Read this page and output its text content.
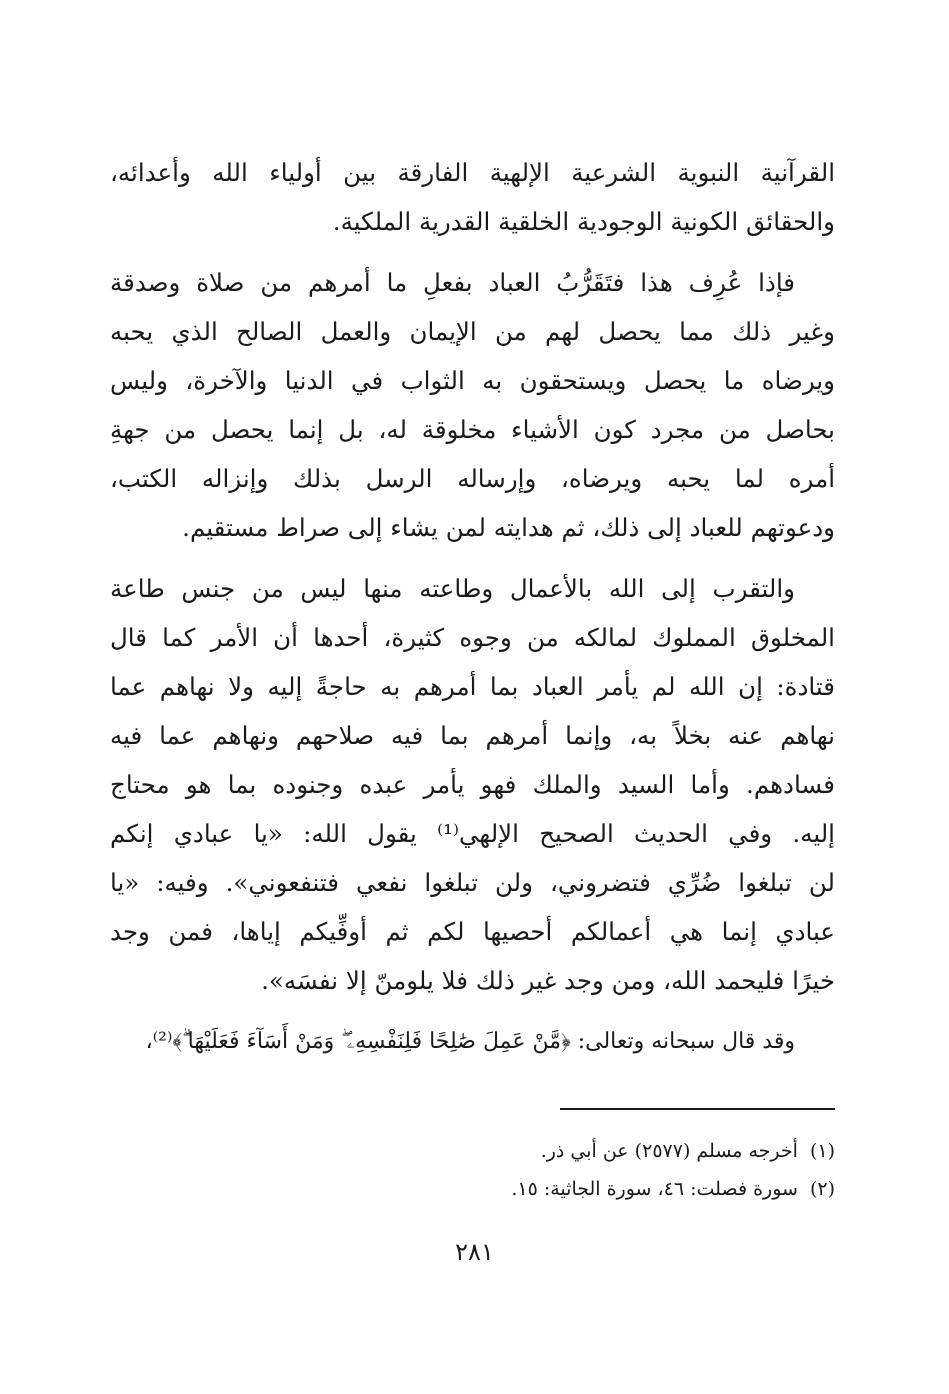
القرآنية النبوية الشرعية الإلهية الفارقة بين أولياء الله وأعدائه،
والحقائق الكونية الوجودية الخلقية القدرية الملكية.
فإذا عُرِف هذا فتَقَرُّبُ العباد بفعلِ ما أمرهم من صلاة وصدقة
وغير ذلك مما يحصل لهم من الإيمان والعمل الصالح الذي يحبه
ويرضاه ما يحصل ويستحقون به الثواب في الدنيا والآخرة، وليس
بحاصل من مجرد كون الأشياء مخلوقة له، بل إنما يحصل من جهةِ
أمره لما يحبه ويرضاه، وإرساله الرسل بذلك وإنزاله الكتب،
ودعوتهم للعباد إلى ذلك، ثم هدايته لمن يشاء إلى صراط مستقيم.
والتقرب إلى الله بالأعمال وطاعته منها ليس من جنس طاعة
المخلوق المملوك لمالكه من وجوه كثيرة، أحدها أن الأمر كما قال
قتادة: إن الله لم يأمر العباد بما أمرهم به حاجةً إليه ولا نهاهم عما
نهاهم عنه بخلاً به، وإنما أمرهم بما فيه صلاحهم ونهاهم عما فيه
فسادهم. وأما السيد والملك فهو يأمر عبده وجنوده بما هو محتاج
إليه. وفي الحديث الصحيح الإلهي⁽¹⁾ يقول الله: «يا عبادي إنكم
لن تبلغوا ضُرِّي فتضروني، ولن تبلغوا نفعي فتنفعوني». وفيه: «يا
عبادي إنما هي أعمالكم أحصيها لكم ثم أوفِّيكم إياها، فمن وجد
خيرًا فليحمد الله، ومن وجد غير ذلك فلا يلومنّ إلا نفسَه».
وقد قال سبحانه وتعالى: ﴿مَّنْ عَمِلَ صَٰلِحًا فَلِنَفْسِهِۦ ۖ وَمَنْ أَسَآءَ فَعَلَيْهَا ۗ﴾⁽²⁾،
(١)أخرجه مسلم (٢٥٧٧) عن أبي ذر.
(٢)سورة فصلت: ٤٦، سورة الجاثية: ١٥.
٢٨١
